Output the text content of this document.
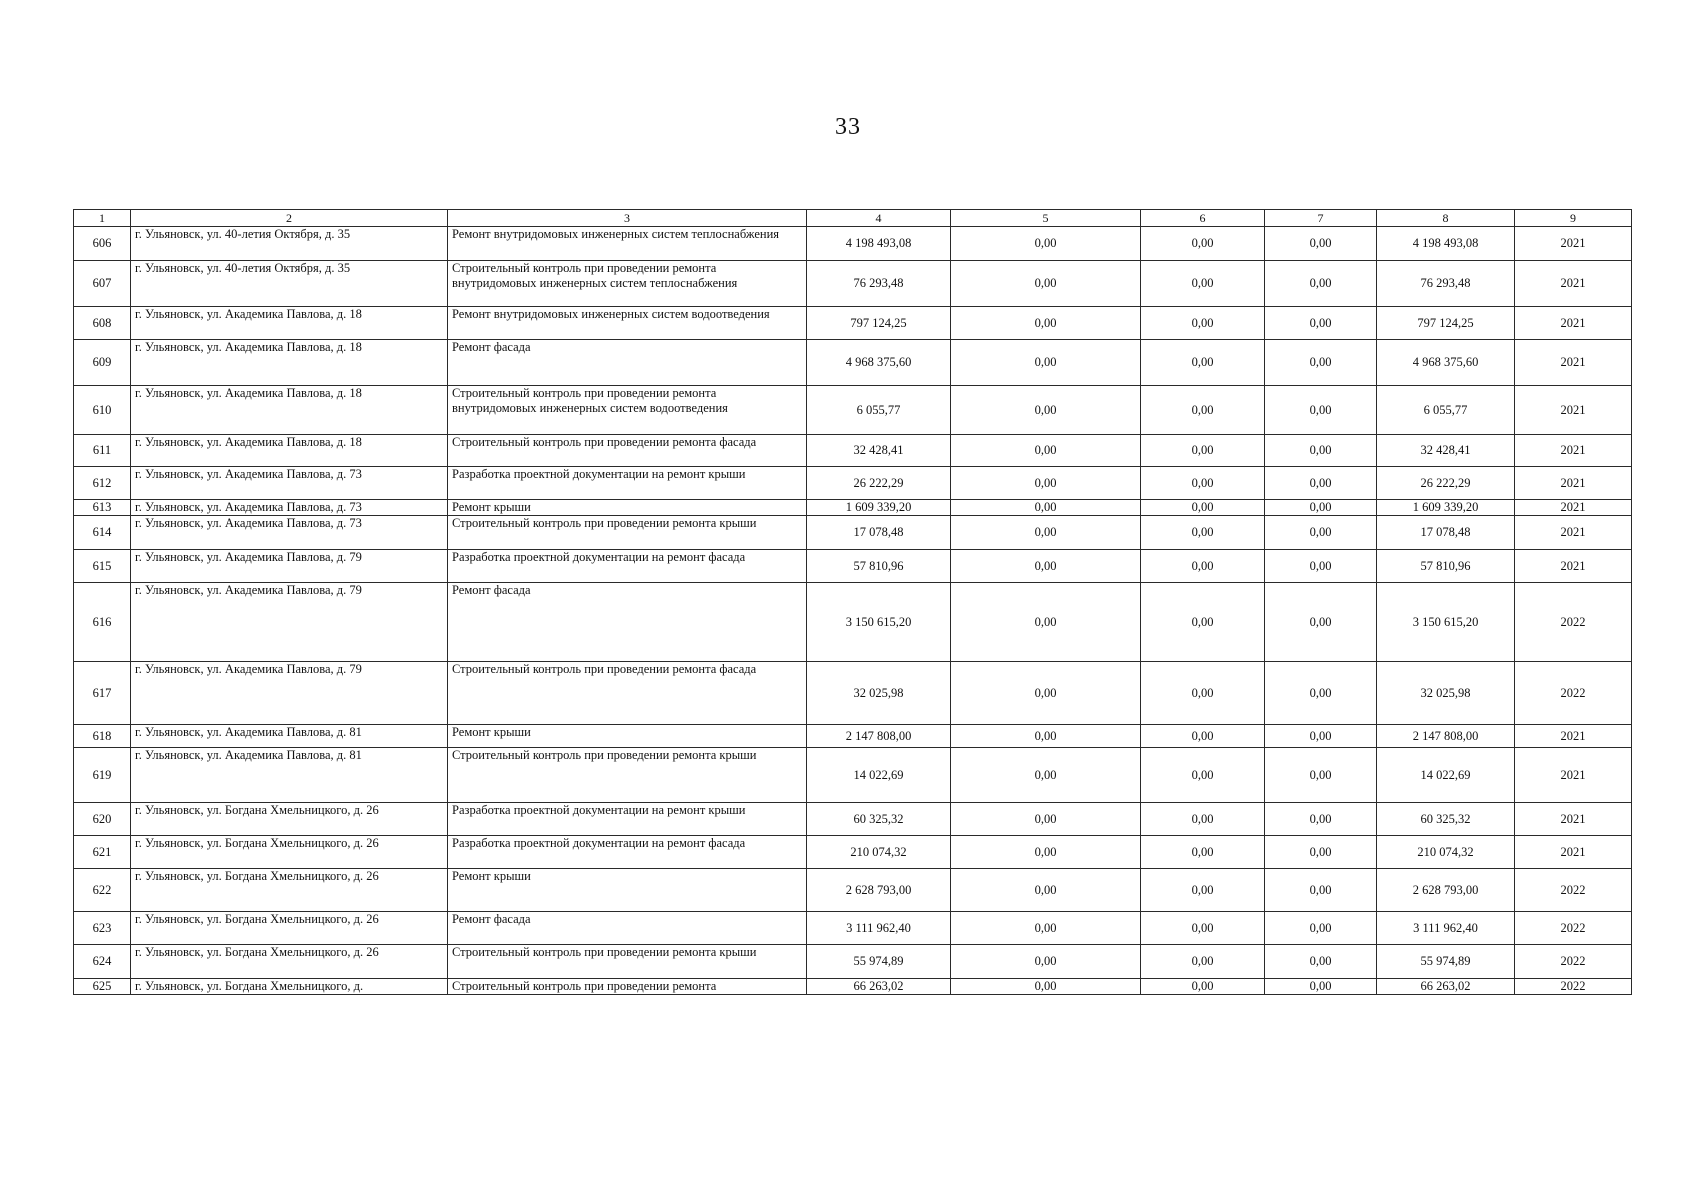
33
1	2	3	4	5	6	7	8	9
606	г. Ульяновск, ул. 40-летия Октября, д. 35	Ремонт внутридомовых инженерных систем теплоснабжения	4 198 493,08	0,00	0,00	0,00	4 198 493,08	2021
607	г. Ульяновск, ул. 40-летия Октября, д. 35	Строительный контроль при проведении ремонта внутридомовых инженерных систем теплоснабжения	76 293,48	0,00	0,00	0,00	76 293,48	2021
608	г. Ульяновск, ул. Академика Павлова, д. 18	Ремонт внутридомовых инженерных систем водоотведения	797 124,25	0,00	0,00	0,00	797 124,25	2021
609	г. Ульяновск, ул. Академика Павлова, д. 18	Ремонт фасада	4 968 375,60	0,00	0,00	0,00	4 968 375,60	2021
610	г. Ульяновск, ул. Академика Павлова, д. 18	Строительный контроль при проведении ремонта внутридомовых инженерных систем водоотведения	6 055,77	0,00	0,00	0,00	6 055,77	2021
611	г. Ульяновск, ул. Академика Павлова, д. 18	Строительный контроль при проведении ремонта фасада	32 428,41	0,00	0,00	0,00	32 428,41	2021
612	г. Ульяновск, ул. Академика Павлова, д. 73	Разработка проектной документации на ремонт крыши	26 222,29	0,00	0,00	0,00	26 222,29	2021
613	г. Ульяновск, ул. Академика Павлова, д. 73	Ремонт крыши	1 609 339,20	0,00	0,00	0,00	1 609 339,20	2021
614	г. Ульяновск, ул. Академика Павлова, д. 73	Строительный контроль при проведении ремонта крыши	17 078,48	0,00	0,00	0,00	17 078,48	2021
615	г. Ульяновск, ул. Академика Павлова, д. 79	Разработка проектной документации на ремонт фасада	57 810,96	0,00	0,00	0,00	57 810,96	2021
616	г. Ульяновск, ул. Академика Павлова, д. 79	Ремонт фасада	3 150 615,20	0,00	0,00	0,00	3 150 615,20	2022
617	г. Ульяновск, ул. Академика Павлова, д. 79	Строительный контроль при проведении ремонта фасада	32 025,98	0,00	0,00	0,00	32 025,98	2022
618	г. Ульяновск, ул. Академика Павлова, д. 81	Ремонт крыши	2 147 808,00	0,00	0,00	0,00	2 147 808,00	2021
619	г. Ульяновск, ул. Академика Павлова, д. 81	Строительный контроль при проведении ремонта крыши	14 022,69	0,00	0,00	0,00	14 022,69	2021
620	г. Ульяновск, ул. Богдана Хмельницкого, д. 26	Разработка проектной документации на ремонт крыши	60 325,32	0,00	0,00	0,00	60 325,32	2021
621	г. Ульяновск, ул. Богдана Хмельницкого, д. 26	Разработка проектной документации на ремонт фасада	210 074,32	0,00	0,00	0,00	210 074,32	2021
622	г. Ульяновск, ул. Богдана Хмельницкого, д. 26	Ремонт крыши	2 628 793,00	0,00	0,00	0,00	2 628 793,00	2022
623	г. Ульяновск, ул. Богдана Хмельницкого, д. 26	Ремонт фасада	3 111 962,40	0,00	0,00	0,00	3 111 962,40	2022
624	г. Ульяновск, ул. Богдана Хмельницкого, д. 26	Строительный контроль при проведении ремонта крыши	55 974,89	0,00	0,00	0,00	55 974,89	2022
625	г. Ульяновск, ул. Богдана Хмельницкого, д.	Строительный контроль при проведении ремонта	66 263,02	0,00	0,00	0,00	66 263,02	2022
